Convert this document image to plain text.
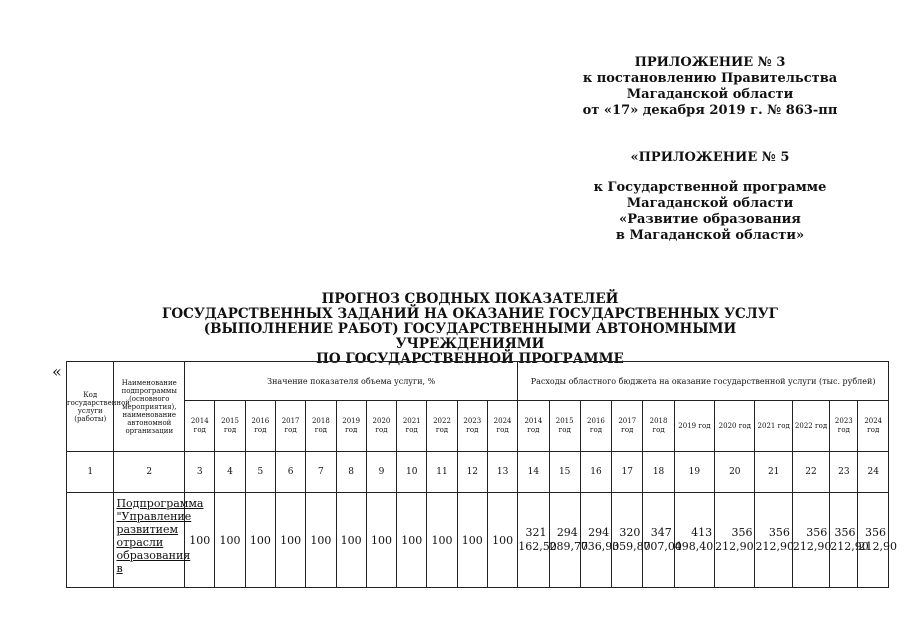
ПРИЛОЖЕНИЕ № 3
к постановлению Правительства
Магаданской области
от «17» декабря 2019 г. № 863-пп
«ПРИЛОЖЕНИЕ № 5
к Государственной программе
Магаданской области
«Развитие образования
в Магаданской области»
ПРОГНОЗ СВОДНЫХ ПОКАЗАТЕЛЕЙ
ГОСУДАРСТВЕННЫХ ЗАДАНИЙ НА ОКАЗАНИЕ ГОСУДАРСТВЕННЫХ УСЛУГ
(ВЫПОЛНЕНИЕ РАБОТ) ГОСУДАРСТВЕННЫМИ АВТОНОМНЫМИ УЧРЕЖДЕНИЯМИ
ПО ГОСУДАРСТВЕННОЙ ПРОГРАММЕ
«
Код государственной услуги (работы)	Наименование подпрограммы (основного мероприятия), наименование автономной организации	Значение показателя объема услуги, %											Расходы областного бюджета на оказание государственной услуги (тыс. рублей)										
		2014 год	2015 год	2016 год	2017 год	2018 год	2019 год	2020 год	2021 год	2022 год	2023 год	2024 год	2014 год	2015 год	2016 год	2017 год	2018 год	2019 год	2020 год	2021 год	2022 год	2023 год	2024 год
1	2	3	4	5	6	7	8	9	10	11	12	13	14	15	16	17	18	19	20	21	22	23	24
	Подпрограмма "Управление развитием отрасли образования в	100	100	100	100	100	100	100	100	100	100	100	321 162,50	294 289,70	294 736,90	320 359,80	347 707,00	413 498,40	356 212,90	356 212,90	356 212,90	356 212,90	356 212,90
